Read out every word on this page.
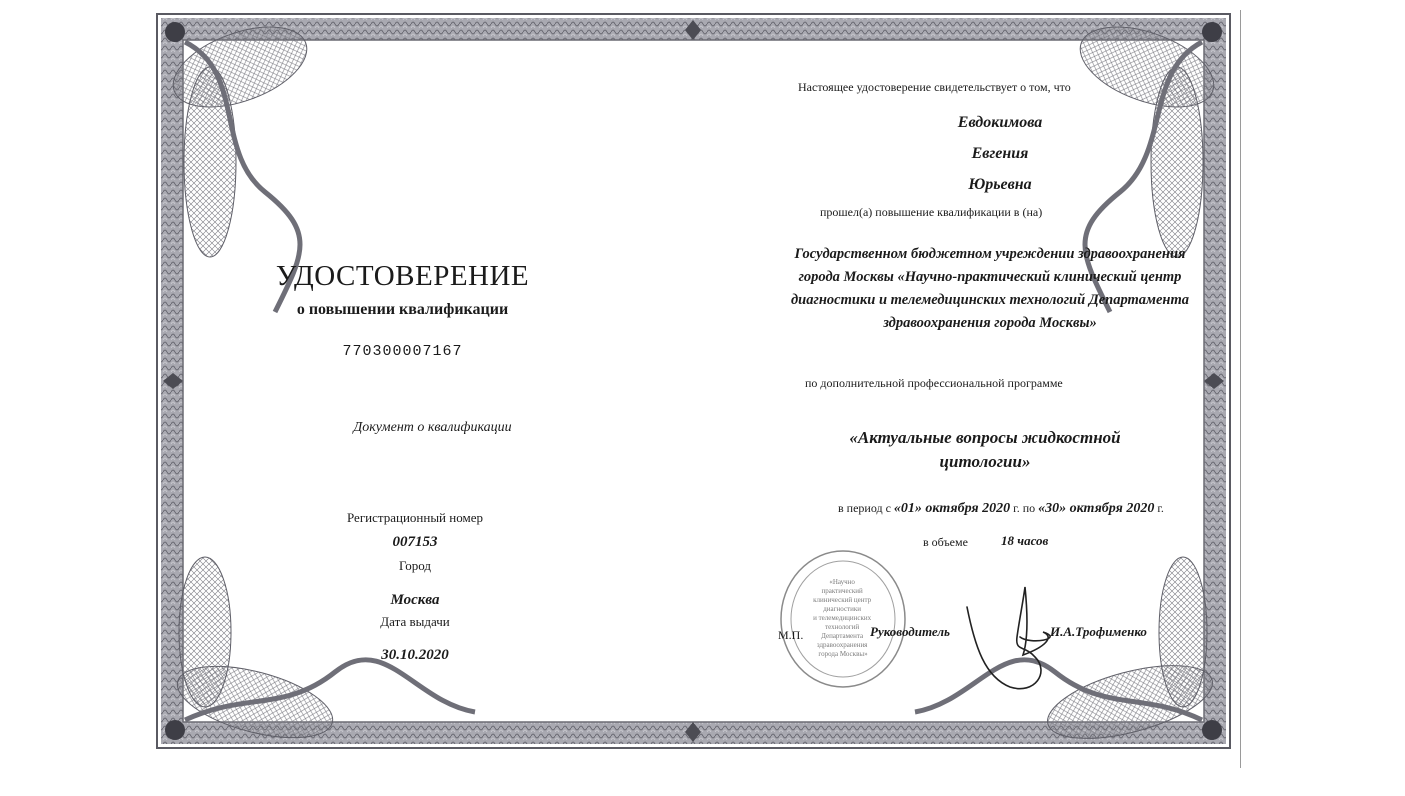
УДОСТОВЕРЕНИЕ
о повышении квалификации
770300007167
Документ о квалификации
Регистрационный номер
007153
Город
Москва
Дата выдачи
30.10.2020
Настоящее удостоверение свидетельствует о том, что
Евдокимова
Евгения
Юрьевна
прошел(а) повышение квалификации в (на)
Государственном бюджетном учреждении здравоохранения
города Москвы «Научно-практический клинический центр
диагностики и телемедицинских технологий Департамента
здравоохранения города Москвы»
по дополнительной профессиональной программе
«Актуальные вопросы жидкостной
цитологии»
в период с «01» октября 2020 г. по «30» октября 2020 г.
в объеме	18 часов
«Научно практический клинический центр диагностики и телемедицинских технологий Департамента здравоохранения города Москвы»
М.П.	Руководитель	И.А.Трофименко
